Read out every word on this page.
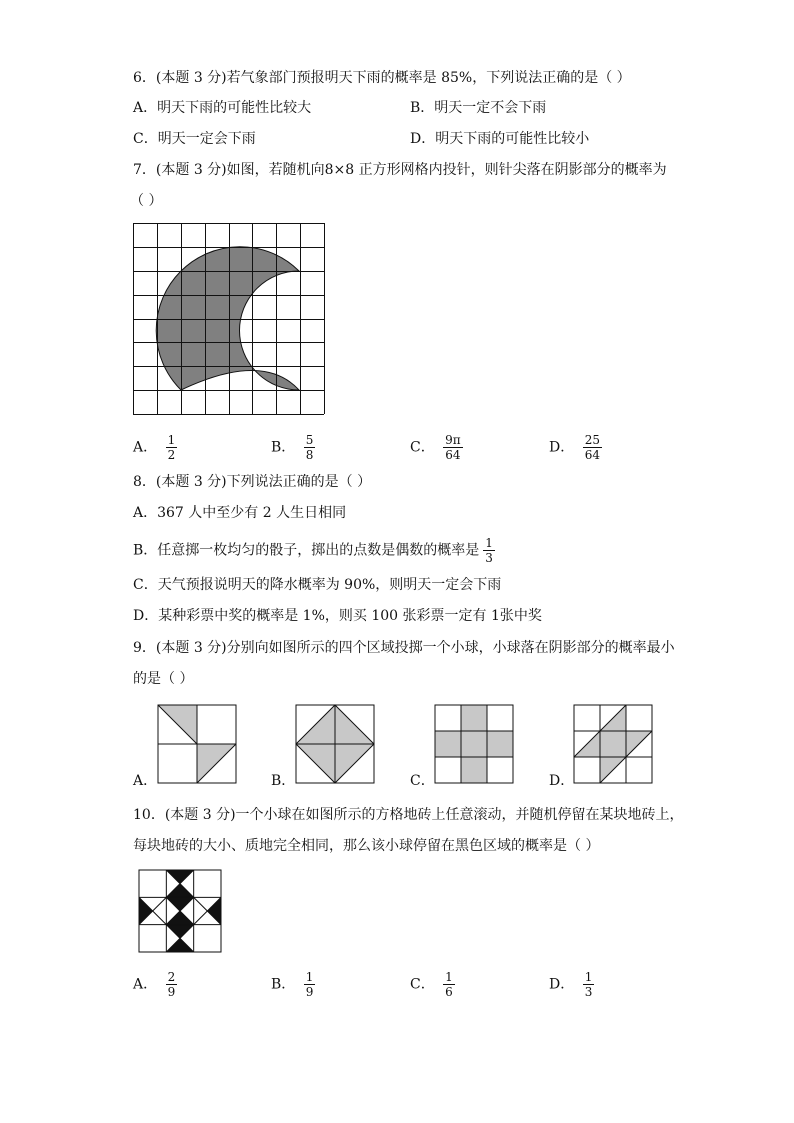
6．(本题 3 分)若气象部门预报明天下雨的概率是 85%，下列说法正确的是（ ）
A．明天下雨的可能性比较大	B．明天一定不会下雨
C．明天一定会下雨	D．明天下雨的可能性比较小
7．(本题 3 分)如图，若随机向8×8 正方形网格内投针，则针尖落在阴影部分的概率为
（ ）
A． $\frac{1}{2}$	B． $\frac{5}{8}$	C． $\frac{9\pi}{64}$	D． $\frac{25}{64}$
8．(本题 3 分)下列说法正确的是（ ）
A．367 人中至少有 2 人生日相同
B．任意掷一枚均匀的骰子，掷出的点数是偶数的概率是 $\frac{1}{3}$
C．天气预报说明天的降水概率为 90%，则明天一定会下雨
D．某种彩票中奖的概率是 1%，则买 100 张彩票一定有 1张中奖
9．(本题 3 分)分别向如图所示的四个区域投掷一个小球，小球落在阴影部分的概率最小
的是（ ）
A．	B．	C．	D．
10．(本题 3 分)一个小球在如图所示的方格地砖上任意滚动，并随机停留在某块地砖上，
每块地砖的大小、质地完全相同，那么该小球停留在黑色区域的概率是（ ）
A． $\frac{2}{9}$	B． $\frac{1}{9}$	C． $\frac{1}{6}$	D． $\frac{1}{3}$
